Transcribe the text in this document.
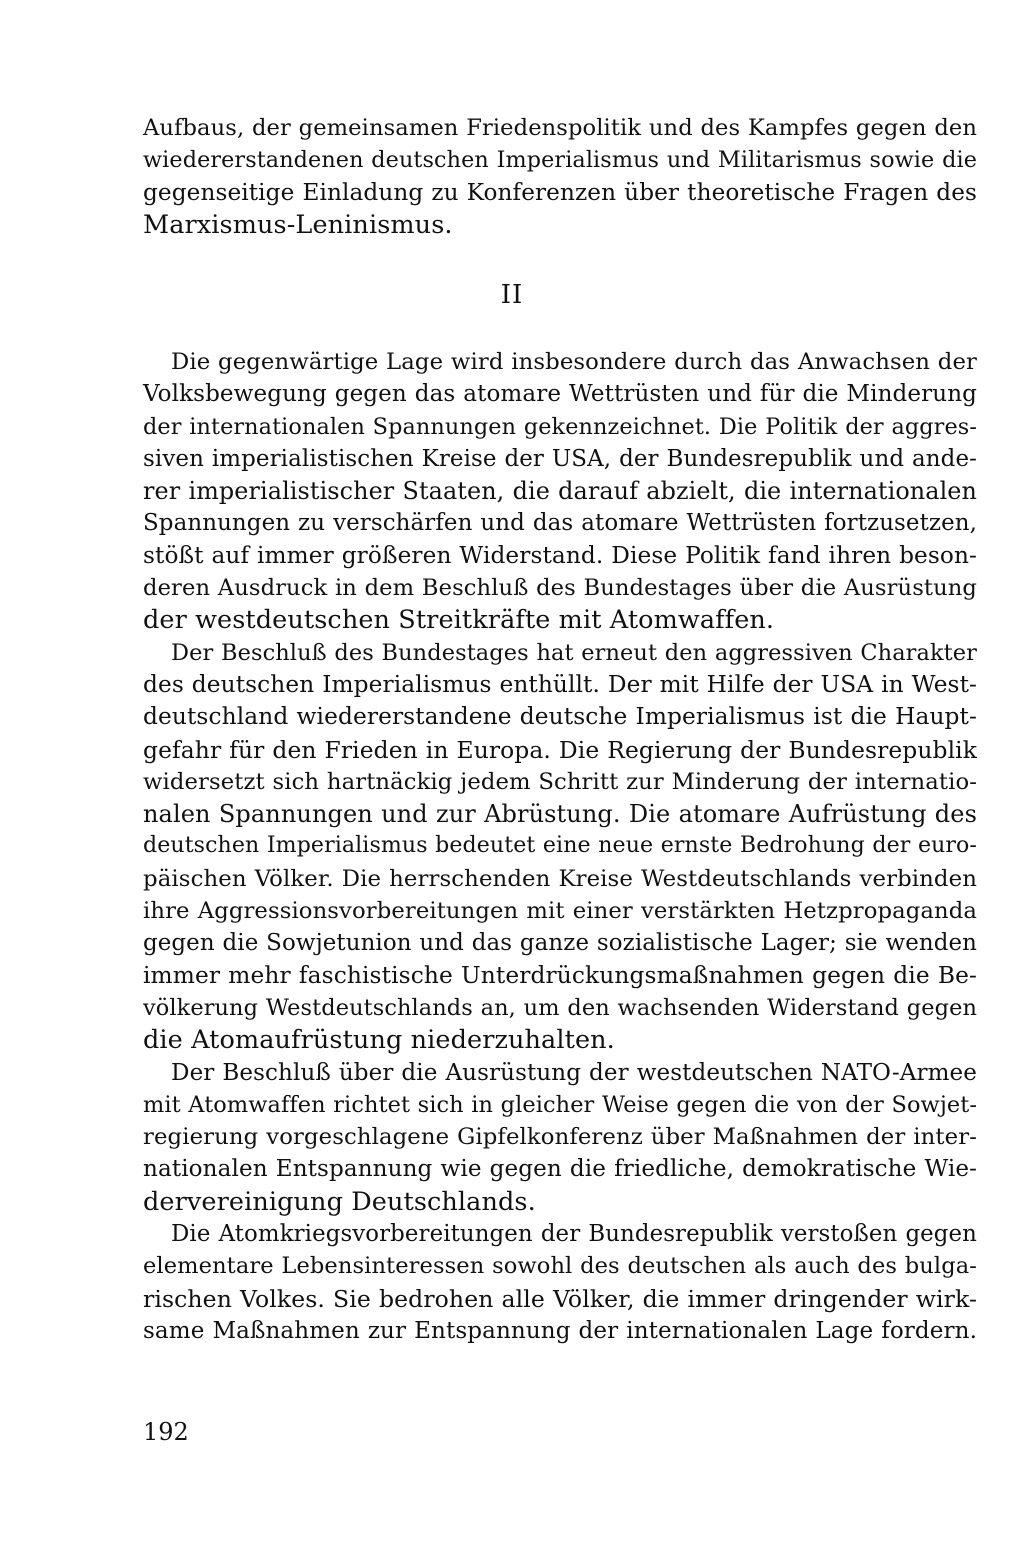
Aufbaus, der gemeinsamen Friedenspolitik und des Kampfes gegen den
wiedererstandenen deutschen Imperialismus und Militarismus sowie die
gegenseitige Einladung zu Konferenzen über theoretische Fragen des
Marxismus-Leninismus.
II
Die gegenwärtige Lage wird insbesondere durch das Anwachsen der
Volksbewegung gegen das atomare Wettrüsten und für die Minderung
der internationalen Spannungen gekennzeichnet. Die Politik der aggres-
siven imperialistischen Kreise der USA, der Bundesrepublik und ande-
rer imperialistischer Staaten, die darauf abzielt, die internationalen
Spannungen zu verschärfen und das atomare Wettrüsten fortzusetzen,
stößt auf immer größeren Widerstand. Diese Politik fand ihren beson-
deren Ausdruck in dem Beschluß des Bundestages über die Ausrüstung
der westdeutschen Streitkräfte mit Atomwaffen.
Der Beschluß des Bundestages hat erneut den aggressiven Charakter
des deutschen Imperialismus enthüllt. Der mit Hilfe der USA in West-
deutschland wiedererstandene deutsche Imperialismus ist die Haupt-
gefahr für den Frieden in Europa. Die Regierung der Bundesrepublik
widersetzt sich hartnäckig jedem Schritt zur Minderung der internatio-
nalen Spannungen und zur Abrüstung. Die atomare Aufrüstung des
deutschen Imperialismus bedeutet eine neue ernste Bedrohung der euro-
päischen Völker. Die herrschenden Kreise Westdeutschlands verbinden
ihre Aggressionsvorbereitungen mit einer verstärkten Hetzpropaganda
gegen die Sowjetunion und das ganze sozialistische Lager; sie wenden
immer mehr faschistische Unterdrückungsmaßnahmen gegen die Be-
völkerung Westdeutschlands an, um den wachsenden Widerstand gegen
die Atomaufrüstung niederzuhalten.
Der Beschluß über die Ausrüstung der westdeutschen NATO-Armee
mit Atomwaffen richtet sich in gleicher Weise gegen die von der Sowjet-
regierung vorgeschlagene Gipfelkonferenz über Maßnahmen der inter-
nationalen Entspannung wie gegen die friedliche, demokratische Wie-
dervereinigung Deutschlands.
Die Atomkriegsvorbereitungen der Bundesrepublik verstoßen gegen
elementare Lebensinteressen sowohl des deutschen als auch des bulga-
rischen Volkes. Sie bedrohen alle Völker, die immer dringender wirk-
same Maßnahmen zur Entspannung der internationalen Lage fordern.
192
